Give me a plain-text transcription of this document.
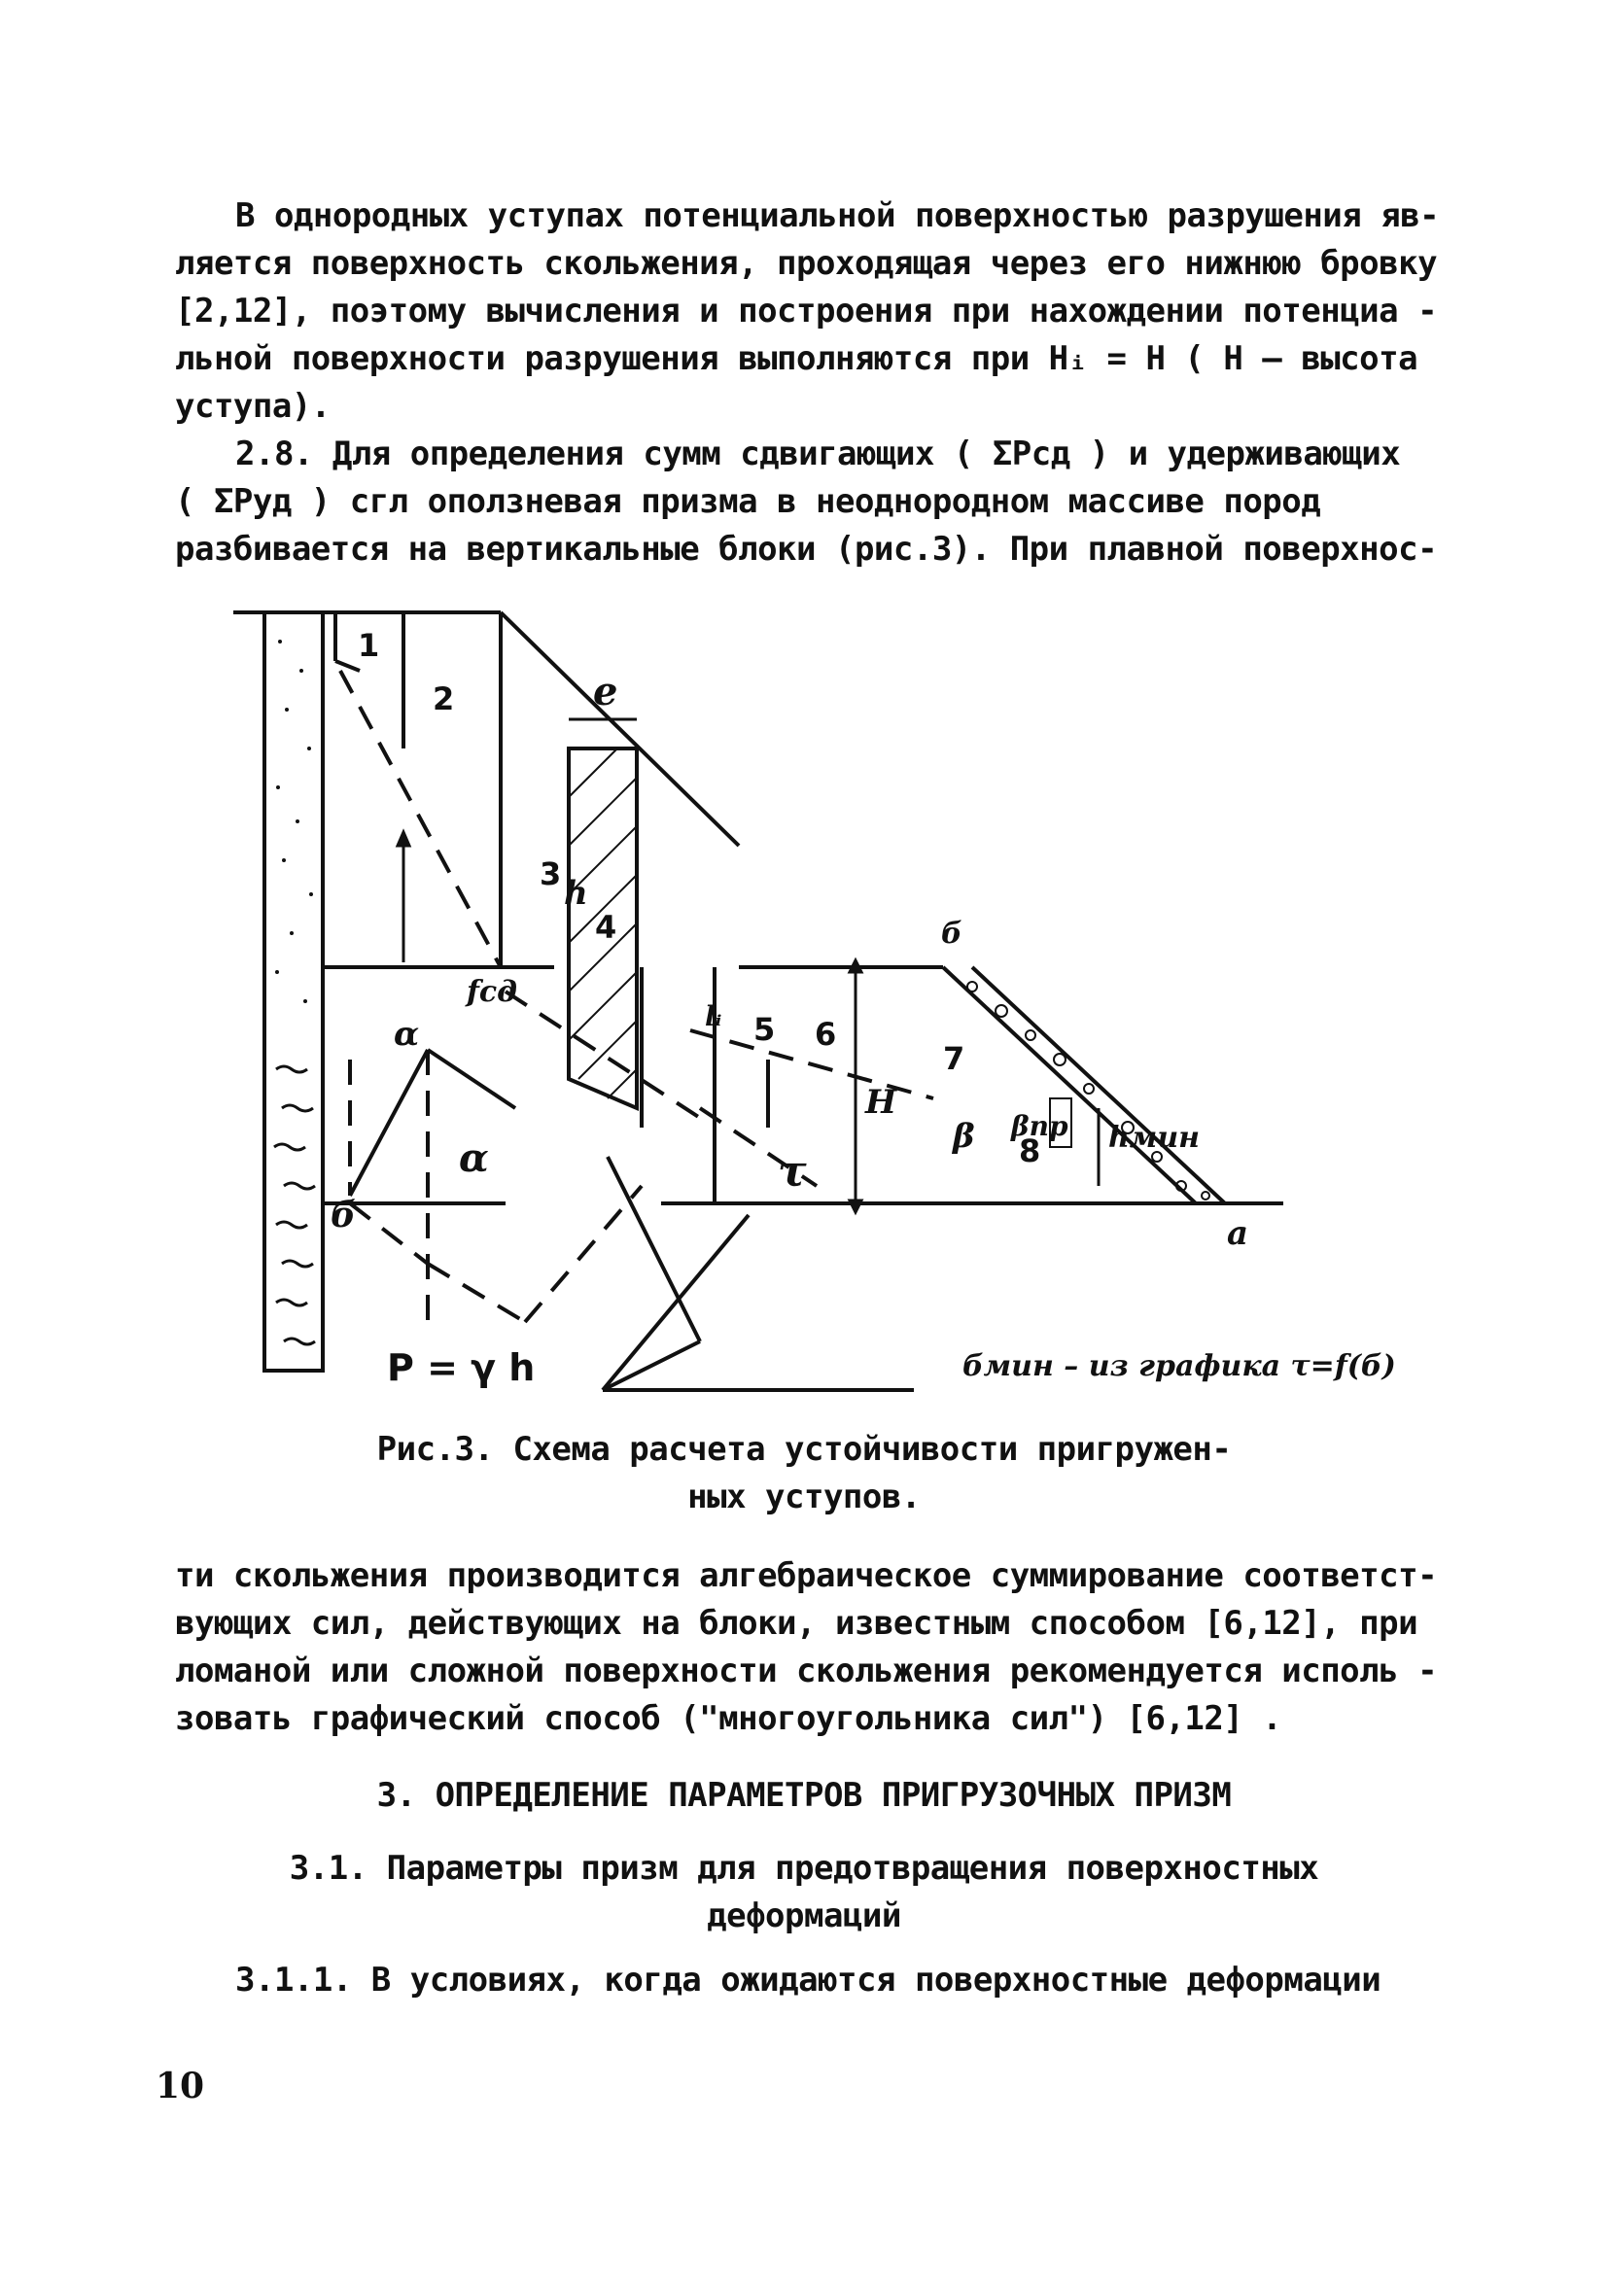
В однородных уступах потенциальной поверхностью разрушения яв-

ляется поверхность скольжения, проходящая через его нижнюю бровку

[2,12], поэтому вычисления и построения при нахождении потенциа -

льной поверхности разрушения выполняются при Hᵢ = H ( H – высота

уступа).

2.8. Для определения сумм сдвигающих ( ΣPсд ) и удерживающих

( ΣPуд ) сгл оползневая призма в неоднородном массиве пород

разбивается на вертикальные блоки (рис.3). При плавной поверхнос-

1
2
3
4
5 6
7
8
e
h
fсд
α
α
б
P = γ h
τ
lᵢ
H
β βпр
б
hмин
a
бмин – из графика τ=f(б)
Рис.3. Схема расчета устойчивости пригружен-
ных уступов.

ти скольжения производится алгебраическое суммирование соответст-

вующих сил, действующих на блоки, известным способом [6,12], при

ломаной или сложной поверхности скольжения рекомендуется исполь -

зовать графический способ ("многоугольника сил") [6,12] .

3. ОПРЕДЕЛЕНИЕ ПАРАМЕТРОВ ПРИГРУЗОЧНЫХ ПРИЗМ
3.1. Параметры призм для предотвращения поверхностных
деформаций

3.1.1. В условиях, когда ожидаются поверхностные деформации

10
